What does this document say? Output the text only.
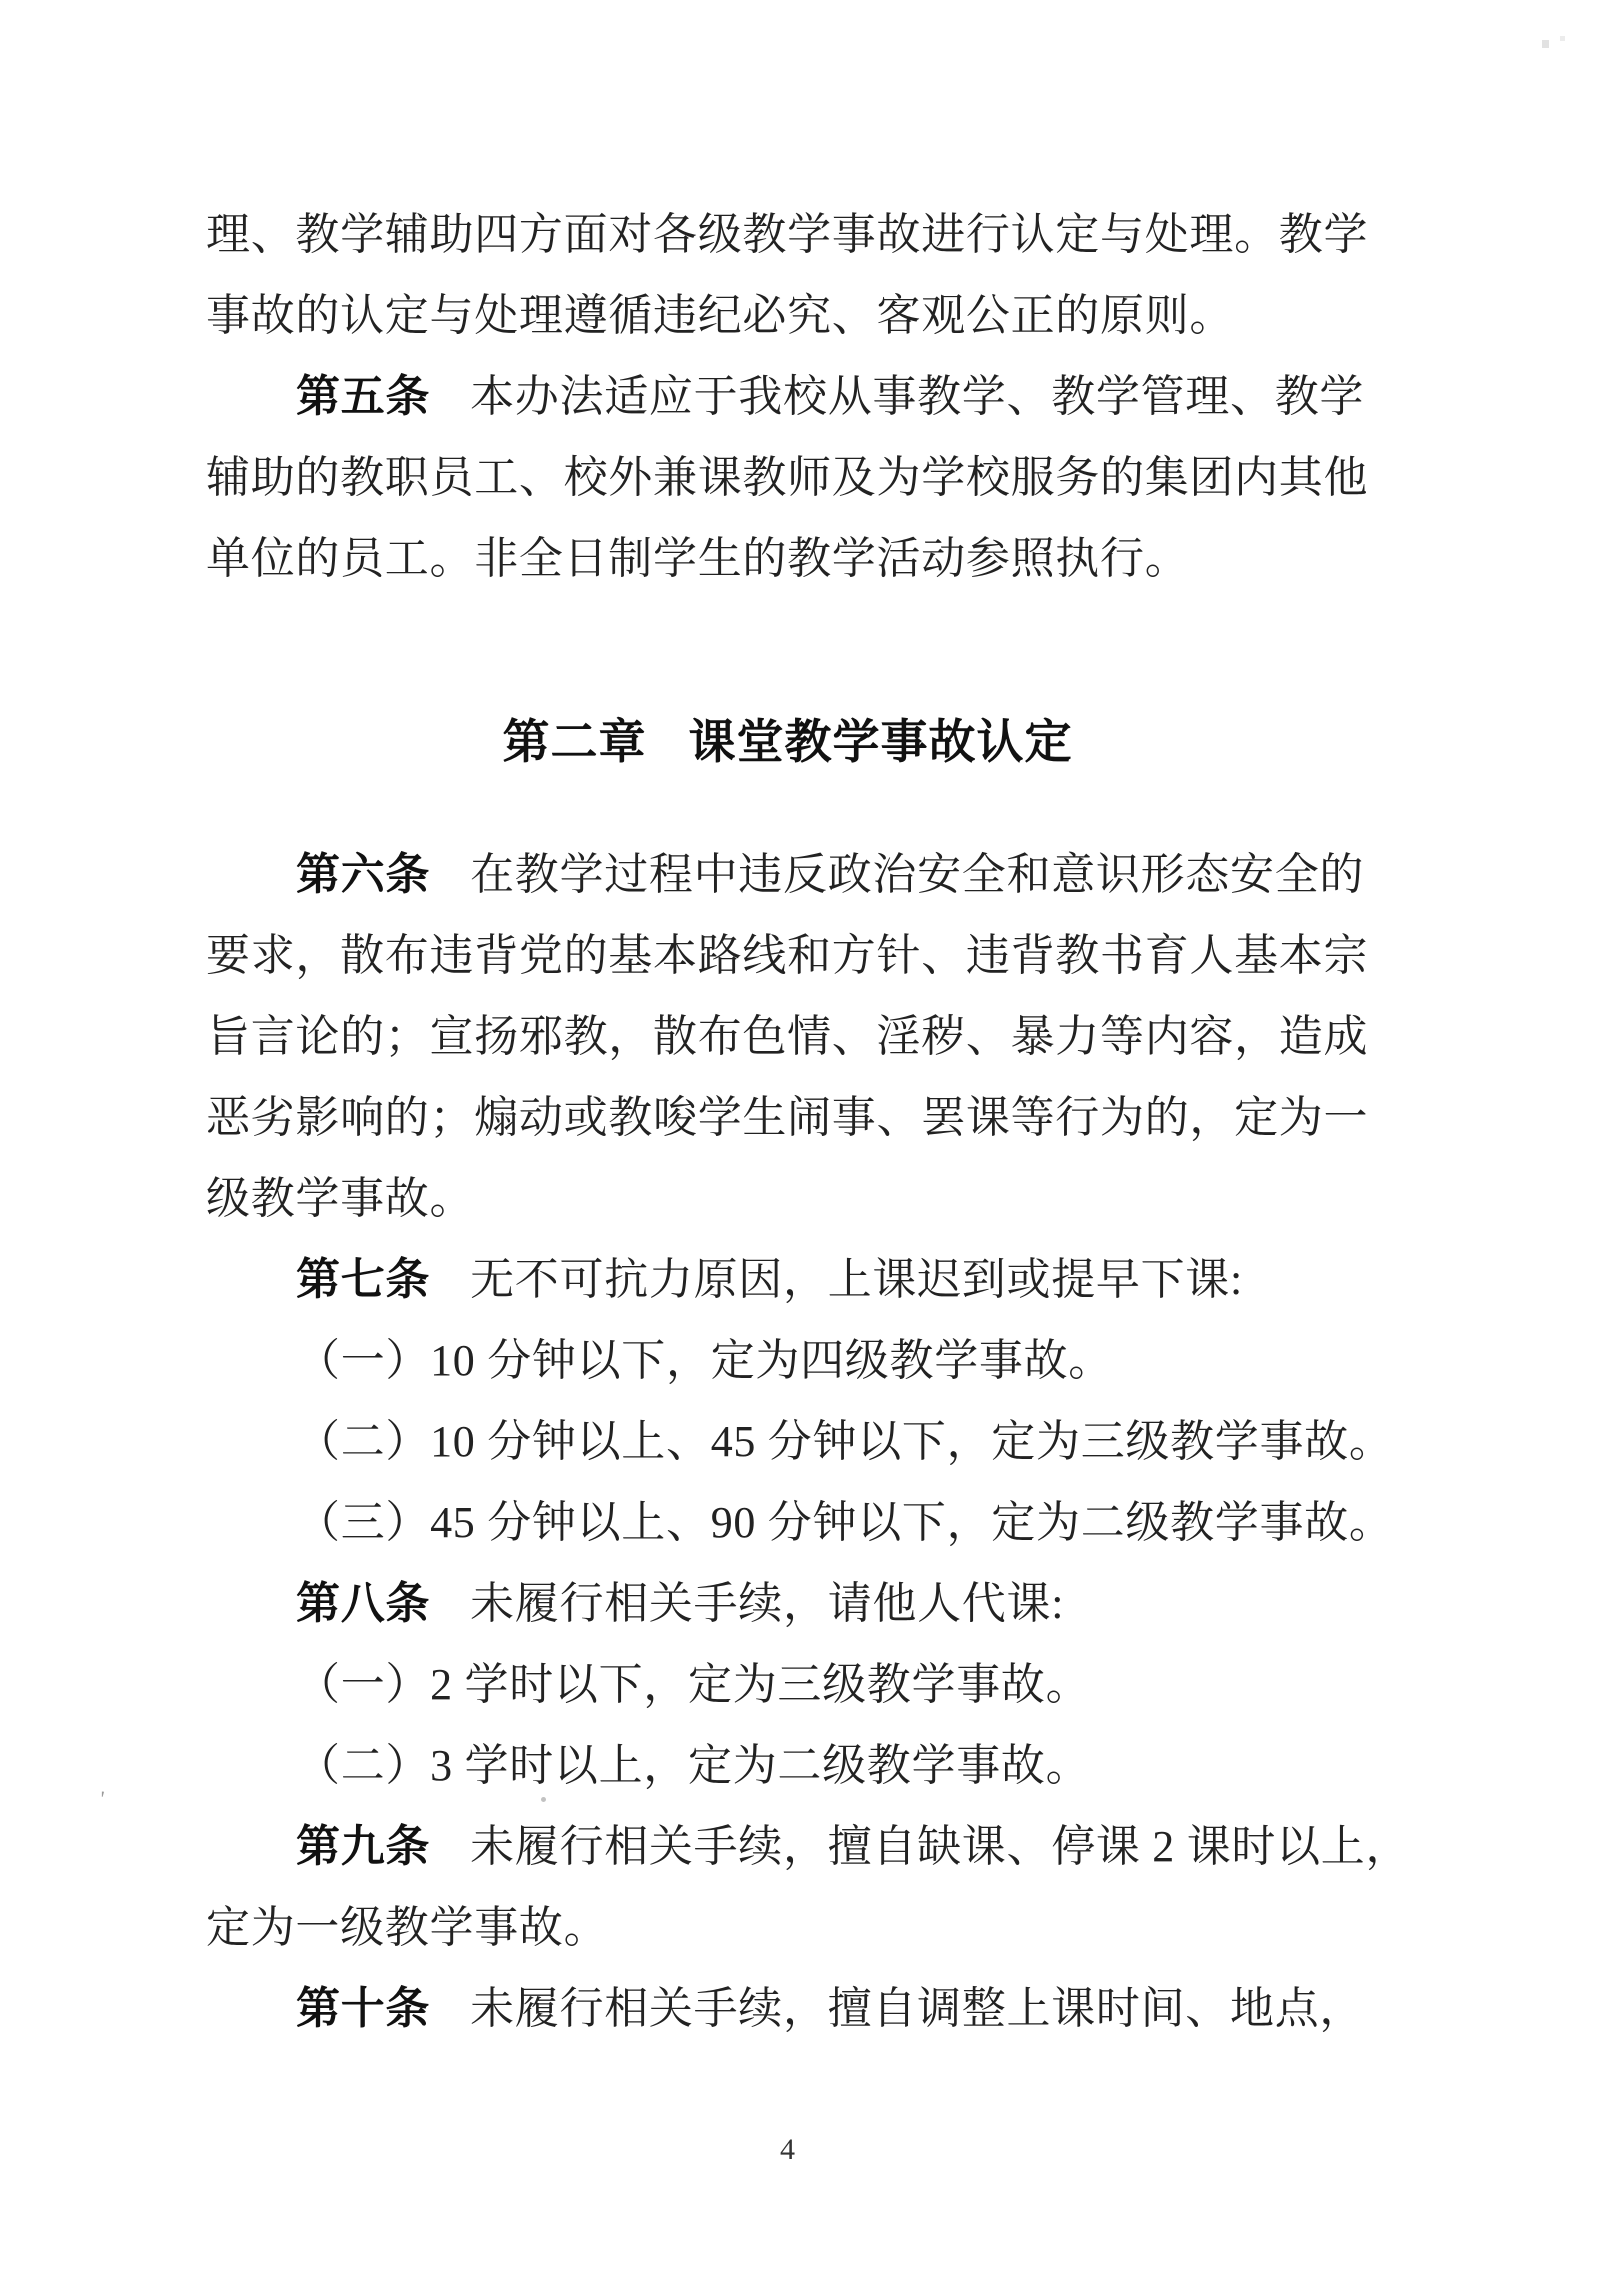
理、教学辅助四方面对各级教学事故进行认定与处理。教学
事故的认定与处理遵循违纪必究、客观公正的原则。
第五条 本办法适应于我校从事教学、教学管理、教学
辅助的教职员工、校外兼课教师及为学校服务的集团内其他
单位的员工。非全日制学生的教学活动参照执行。
第二章 课堂教学事故认定
第六条 在教学过程中违反政治安全和意识形态安全的
要求，散布违背党的基本路线和方针、违背教书育人基本宗
旨言论的；宣扬邪教，散布色情、淫秽、暴力等内容，造成
恶劣影响的；煽动或教唆学生闹事、罢课等行为的，定为一
级教学事故。
第七条 无不可抗力原因，上课迟到或提早下课:
（一）10 分钟以下，定为四级教学事故。
（二）10 分钟以上、45 分钟以下，定为三级教学事故。
（三）45 分钟以上、90 分钟以下，定为二级教学事故。
第八条 未履行相关手续，请他人代课:
（一）2 学时以下，定为三级教学事故。
（二）3 学时以上，定为二级教学事故。
第九条 未履行相关手续，擅自缺课、停课 2 课时以上，
定为一级教学事故。
第十条 未履行相关手续，擅自调整上课时间、地点，
4
'
